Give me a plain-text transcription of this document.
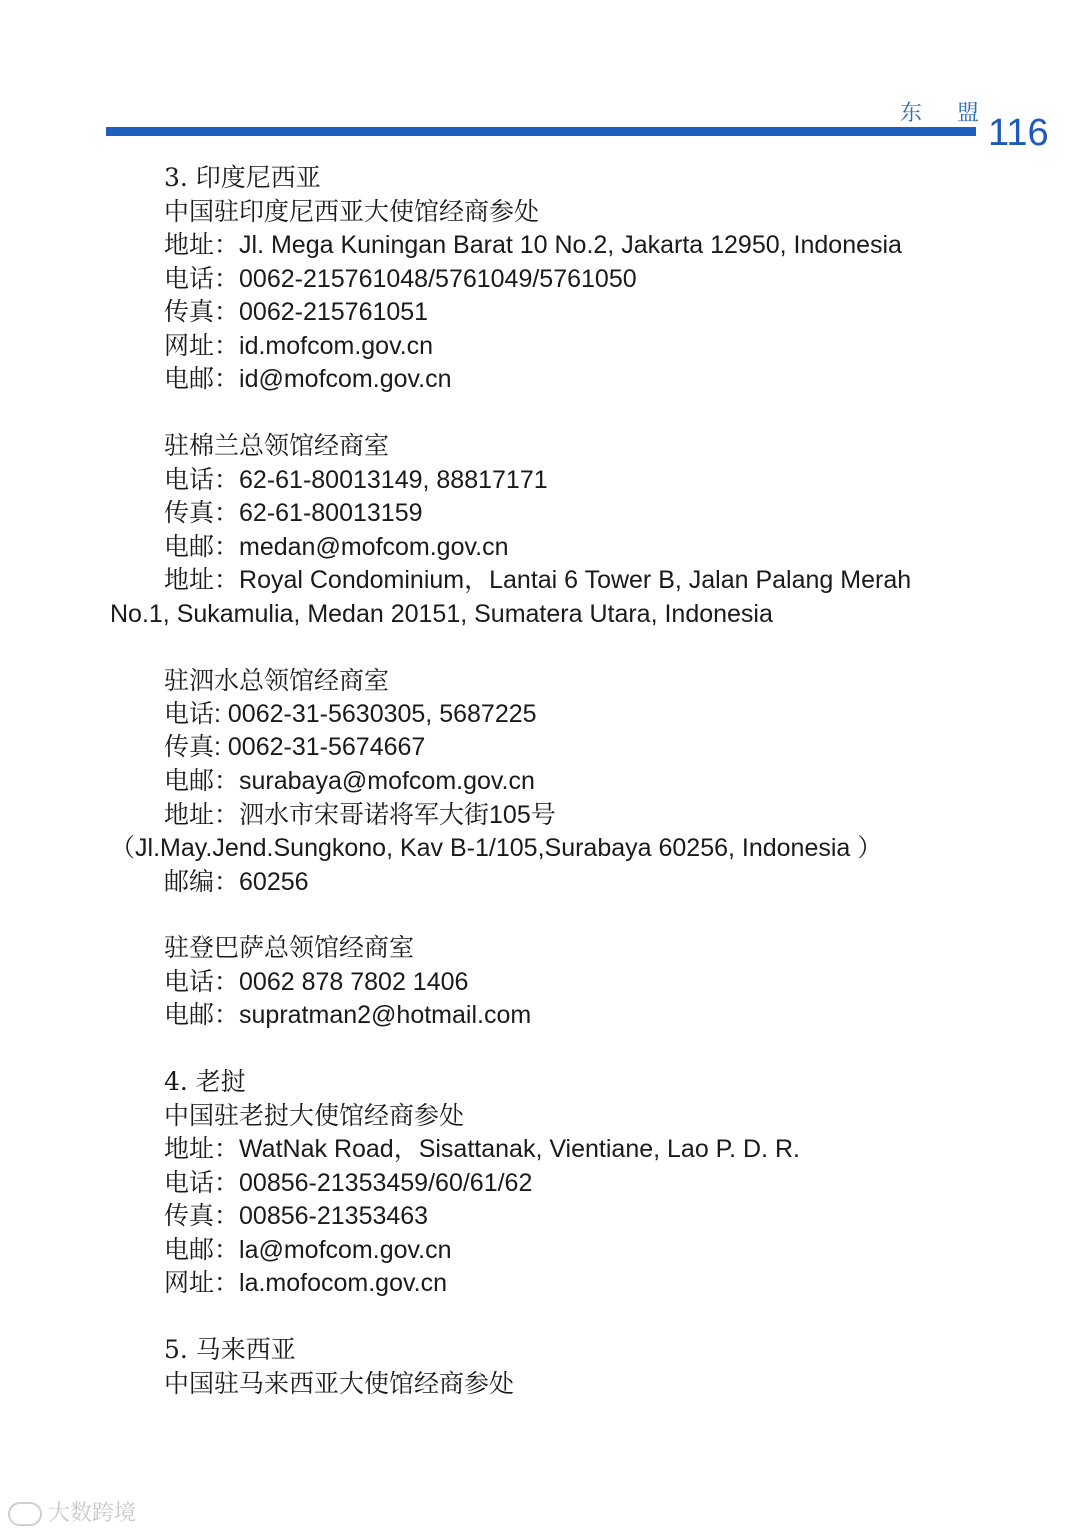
东 盟
116
3. 印度尼西亚
中国驻印度尼西亚大使馆经商参处
地址：Jl. Mega Kuningan Barat 10 No.2, Jakarta 12950, Indonesia
电话：0062-215761048/5761049/5761050
传真：0062-215761051
网址：id.mofcom.gov.cn
电邮：id@mofcom.gov.cn
驻棉兰总领馆经商室
电话：62-61-80013149, 88817171
传真：62-61-80013159
电邮：medan@mofcom.gov.cn
地址：Royal Condominium，Lantai 6 Tower B, Jalan Palang Merah
No.1, Sukamulia, Medan 20151, Sumatera Utara, Indonesia
驻泗水总领馆经商室
电话: 0062-31-5630305, 5687225
传真: 0062-31-5674667
电邮：surabaya@mofcom.gov.cn
地址：泗水市宋哥诺将军大街105号
（Jl.May.Jend.Sungkono, Kav B-1/105,Surabaya 60256, Indonesia ）
邮编：60256
驻登巴萨总领馆经商室
电话：0062 878 7802 1406
电邮：supratman2@hotmail.com
4. 老挝
中国驻老挝大使馆经商参处
地址：WatNak Road，Sisattanak, Vientiane, Lao P. D. R.
电话：00856-21353459/60/61/62
传真：00856-21353463
电邮：la@mofcom.gov.cn
网址：la.mofocom.gov.cn
5. 马来西亚
中国驻马来西亚大使馆经商参处
大数跨境
